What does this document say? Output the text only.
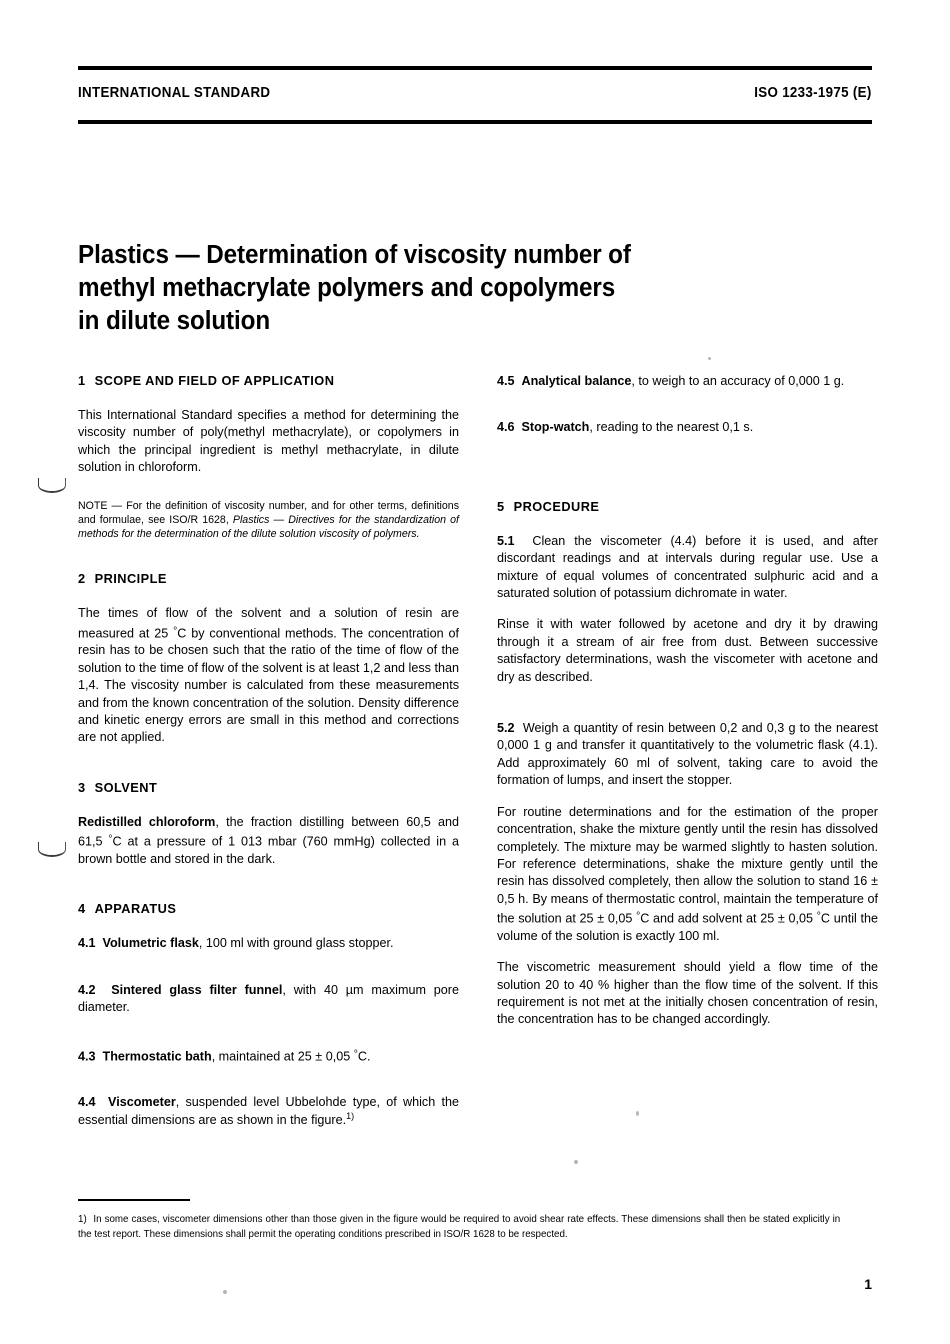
INTERNATIONAL STANDARD	ISO 1233-1975 (E)
Plastics — Determination of viscosity number of
methyl methacrylate polymers and copolymers
in dilute solution
1 SCOPE AND FIELD OF APPLICATION

This International Standard specifies a method for determining the viscosity number of poly(methyl methacrylate), or copolymers in which the principal ingredient is methyl methacrylate, in dilute solution in chloroform.

NOTE — For the definition of viscosity number, and for other terms, definitions and formulae, see ISO/R 1628, Plastics — Directives for the standardization of methods for the determination of the dilute solution viscosity of polymers.

2 PRINCIPLE

The times of flow of the solvent and a solution of resin are measured at 25 °C by conventional methods. The concentration of resin has to be chosen such that the ratio of the time of flow of the solution to the time of flow of the solvent is at least 1,2 and less than 1,4. The viscosity number is calculated from these measurements and from the known concentration of the solution. Density difference and kinetic energy errors are small in this method and corrections are not applied.

3 SOLVENT

Redistilled chloroform, the fraction distilling between 60,5 and 61,5 °C at a pressure of 1 013 mbar (760 mmHg) collected in a brown bottle and stored in the dark.

4 APPARATUS

4.1 Volumetric flask, 100 ml with ground glass stopper.

4.2 Sintered glass filter funnel, with 40 µm maximum pore diameter.

4.3 Thermostatic bath, maintained at 25 ± 0,05 °C.

4.4 Viscometer, suspended level Ubbelohde type, of which the essential dimensions are as shown in the figure.$^{1)}$

4.5 Analytical balance, to weigh to an accuracy of 0,000 1 g.

4.6 Stop-watch, reading to the nearest 0,1 s.

5 PROCEDURE

5.1 Clean the viscometer (4.4) before it is used, and after discordant readings and at intervals during regular use. Use a mixture of equal volumes of concentrated sulphuric acid and a saturated solution of potassium dichromate in water.

Rinse it with water followed by acetone and dry it by drawing through it a stream of air free from dust. Between successive satisfactory determinations, wash the viscometer with acetone and dry as described.

5.2 Weigh a quantity of resin between 0,2 and 0,3 g to the nearest 0,000 1 g and transfer it quantitatively to the volumetric flask (4.1). Add approximately 60 ml of solvent, taking care to avoid the formation of lumps, and insert the stopper.

For routine determinations and for the estimation of the proper concentration, shake the mixture gently until the resin has dissolved completely. The mixture may be warmed slightly to hasten solution. For reference determinations, shake the mixture gently until the resin has dissolved completely, then allow the solution to stand 16 ± 0,5 h. By means of thermostatic control, maintain the temperature of the solution at 25 ± 0,05 °C and add solvent at 25 ± 0,05 °C until the volume of the solution is exactly 100 ml.

The viscometric measurement should yield a flow time of the solution 20 to 40 % higher than the flow time of the solvent. If this requirement is not met at the initially chosen concentration of resin, the concentration has to be changed accordingly.

1) In some cases, viscometer dimensions other than those given in the figure would be required to avoid shear rate effects. These dimensions shall then be stated explicitly in the test report. These dimensions shall permit the operating conditions prescribed in ISO/R 1628 to be respected.
1
